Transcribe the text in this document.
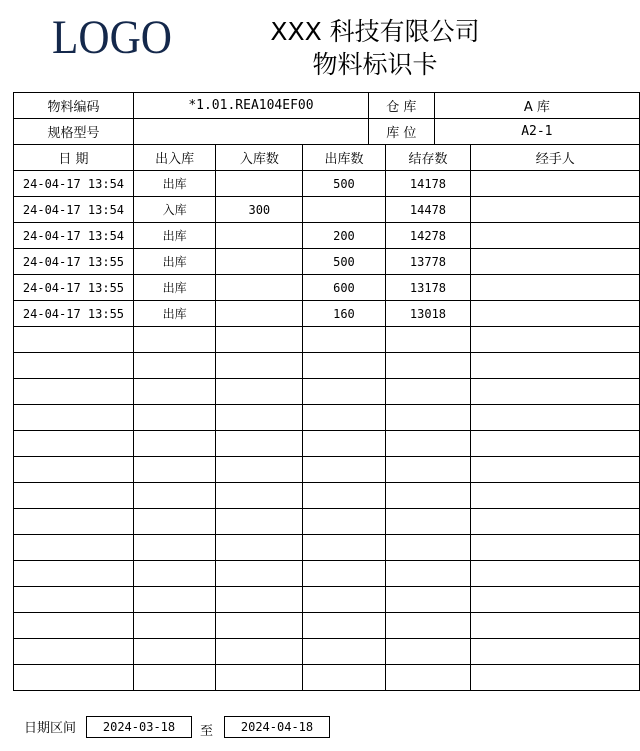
LOGO	XXX 科技有限公司
物料标识卡
物料编码	*1.01.REA104EF00			仓 库		A 库	
规格型号				库 位		A2-1	
日 期	出入库	入库数	出库数		结存数		经手人
24-04-17 13:54	出库		500		14178		
24-04-17 13:54	入库	300			14478		
24-04-17 13:54	出库		200		14278		
24-04-17 13:55	出库		500		13778		
24-04-17 13:55	出库		600		13178		
24-04-17 13:55	出库		160		13018		

日期区间	2024-03-18	至	2024-04-18
